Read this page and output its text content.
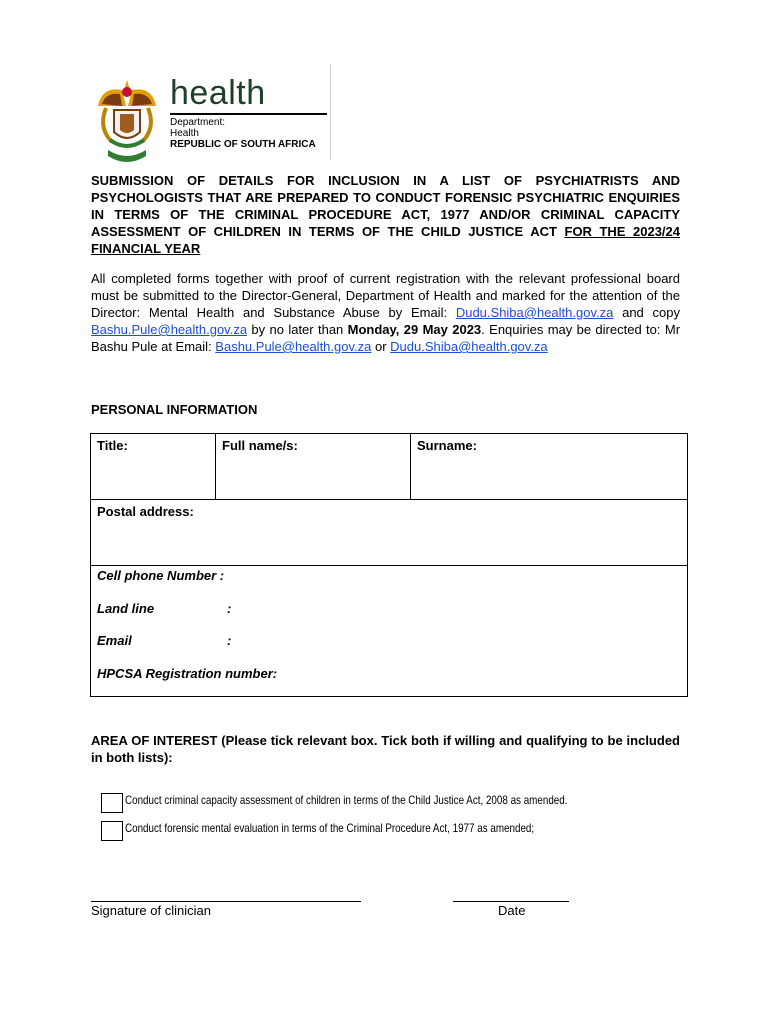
health
Department:
Health
REPUBLIC OF SOUTH AFRICA
SUBMISSION OF DETAILS FOR INCLUSION IN A LIST OF PSYCHIATRISTS AND PSYCHOLOGISTS THAT ARE PREPARED TO CONDUCT FORENSIC PSYCHIATRIC ENQUIRIES IN TERMS OF THE CRIMINAL PROCEDURE ACT, 1977 AND/OR CRIMINAL CAPACITY ASSESSMENT OF CHILDREN IN TERMS OF THE CHILD JUSTICE ACT FOR THE 2023/24 FINANCIAL YEAR
All completed forms together with proof of current registration with the relevant professional board must be submitted to the Director-General, Department of Health and marked for the attention of the Director: Mental Health and Substance Abuse by Email: Dudu.Shiba@health.gov.za and copy Bashu.Pule@health.gov.za by no later than Monday, 29 May 2023. Enquiries may be directed to: Mr Bashu Pule at Email: Bashu.Pule@health.gov.za or Dudu.Shiba@health.gov.za
PERSONAL INFORMATION
Title:	Full name/s:	Surname:
Postal address:

Cell phone Number :
Land line	:
Email	:
HPCSA Registration number:
AREA OF INTEREST (Please tick relevant box. Tick both if willing and qualifying to be included in both lists):
Conduct criminal capacity assessment of children in terms of the Child Justice Act, 2008 as amended.
Conduct forensic mental evaluation in terms of the Criminal Procedure Act, 1977 as amended;
Signature of clinician	Date
